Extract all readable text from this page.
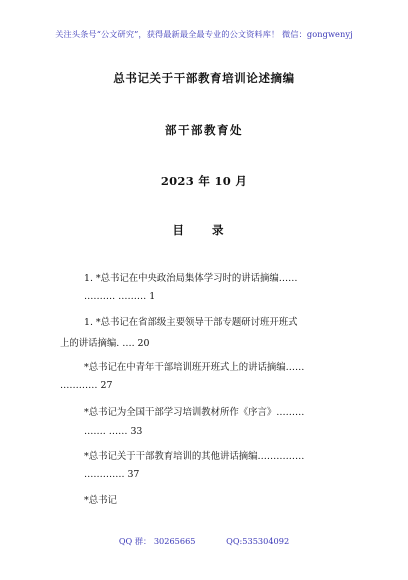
关注头条号“公文研究”，获得最新最全最专业的公文资料库！ 微信：gongwenyj
总书记关于干部教育培训论述摘编
部干部教育处
2023 年 10 月
目 录
1. *总书记在中央政治局集体学习时的讲话摘编……
………. ……… 1
1. *总书记在省部级主要领导干部专题研讨班开班式
上的讲话摘编. …. 20
*总书记在中青年干部培训班开班式上的讲话摘编……
………… 27
*总书记为全国干部学习培训教材所作《序言》………
……. …… 33
*总书记关于干部教育培训的其他讲话摘编……………
…………. 37
*总书记
QQ 群： 30265665	QQ:535304092
